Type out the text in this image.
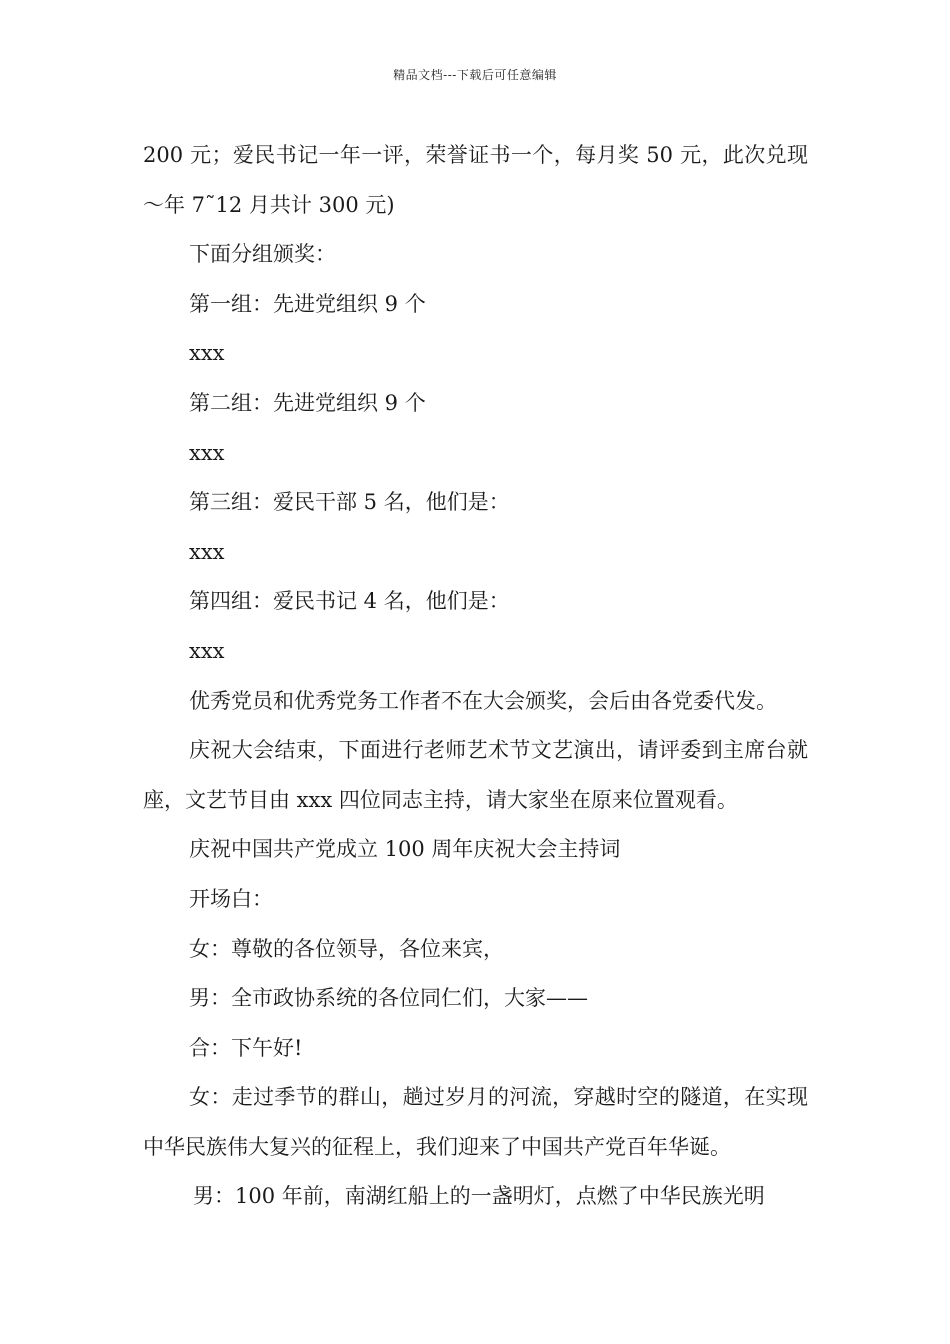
精品文档---下载后可任意编辑

200 元；爱民书记一年一评，荣誉证书一个，每月奖 50 元，此次兑现～年 7˜12 月共计 300 元)

下面分组颁奖：

第一组：先进党组织 9 个

xxx

第二组：先进党组织 9 个

xxx

第三组：爱民干部 5 名，他们是：

xxx

第四组：爱民书记 4 名，他们是：

xxx

优秀党员和优秀党务工作者不在大会颁奖，会后由各党委代发。

庆祝大会结束，下面进行老师艺术节文艺演出，请评委到主席台就座，文艺节目由 xxx 四位同志主持，请大家坐在原来位置观看。

庆祝中国共产党成立 100 周年庆祝大会主持词

开场白：

女：尊敬的各位领导，各位来宾，

男：全市政协系统的各位同仁们，大家——

合：下午好!

女：走过季节的群山，趟过岁月的河流，穿越时空的隧道，在实现中华民族伟大复兴的征程上，我们迎来了中国共产党百年华诞。

男：100 年前，南湖红船上的一盏明灯，点燃了中华民族光明
